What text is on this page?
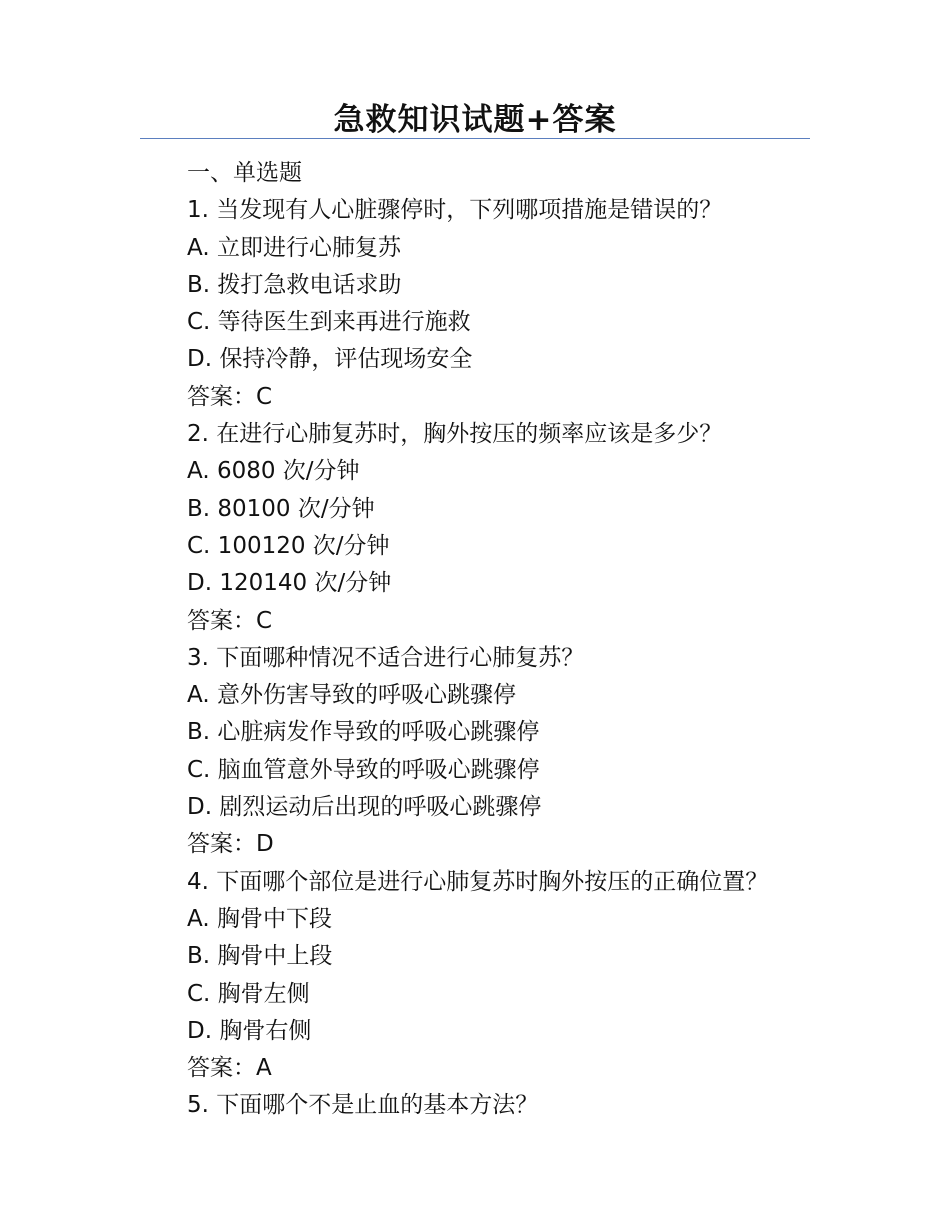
急救知识试题+答案
一、单选题
1. 当发现有人心脏骤停时，下列哪项措施是错误的？
A. 立即进行心肺复苏
B. 拨打急救电话求助
C. 等待医生到来再进行施救
D. 保持冷静，评估现场安全
答案：C
2. 在进行心肺复苏时，胸外按压的频率应该是多少？
A. 6080 次/分钟
B. 80100 次/分钟
C. 100120 次/分钟
D. 120140 次/分钟
答案：C
3. 下面哪种情况不适合进行心肺复苏？
A. 意外伤害导致的呼吸心跳骤停
B. 心脏病发作导致的呼吸心跳骤停
C. 脑血管意外导致的呼吸心跳骤停
D. 剧烈运动后出现的呼吸心跳骤停
答案：D
4. 下面哪个部位是进行心肺复苏时胸外按压的正确位置？
A. 胸骨中下段
B. 胸骨中上段
C. 胸骨左侧
D. 胸骨右侧
答案：A
5. 下面哪个不是止血的基本方法？
